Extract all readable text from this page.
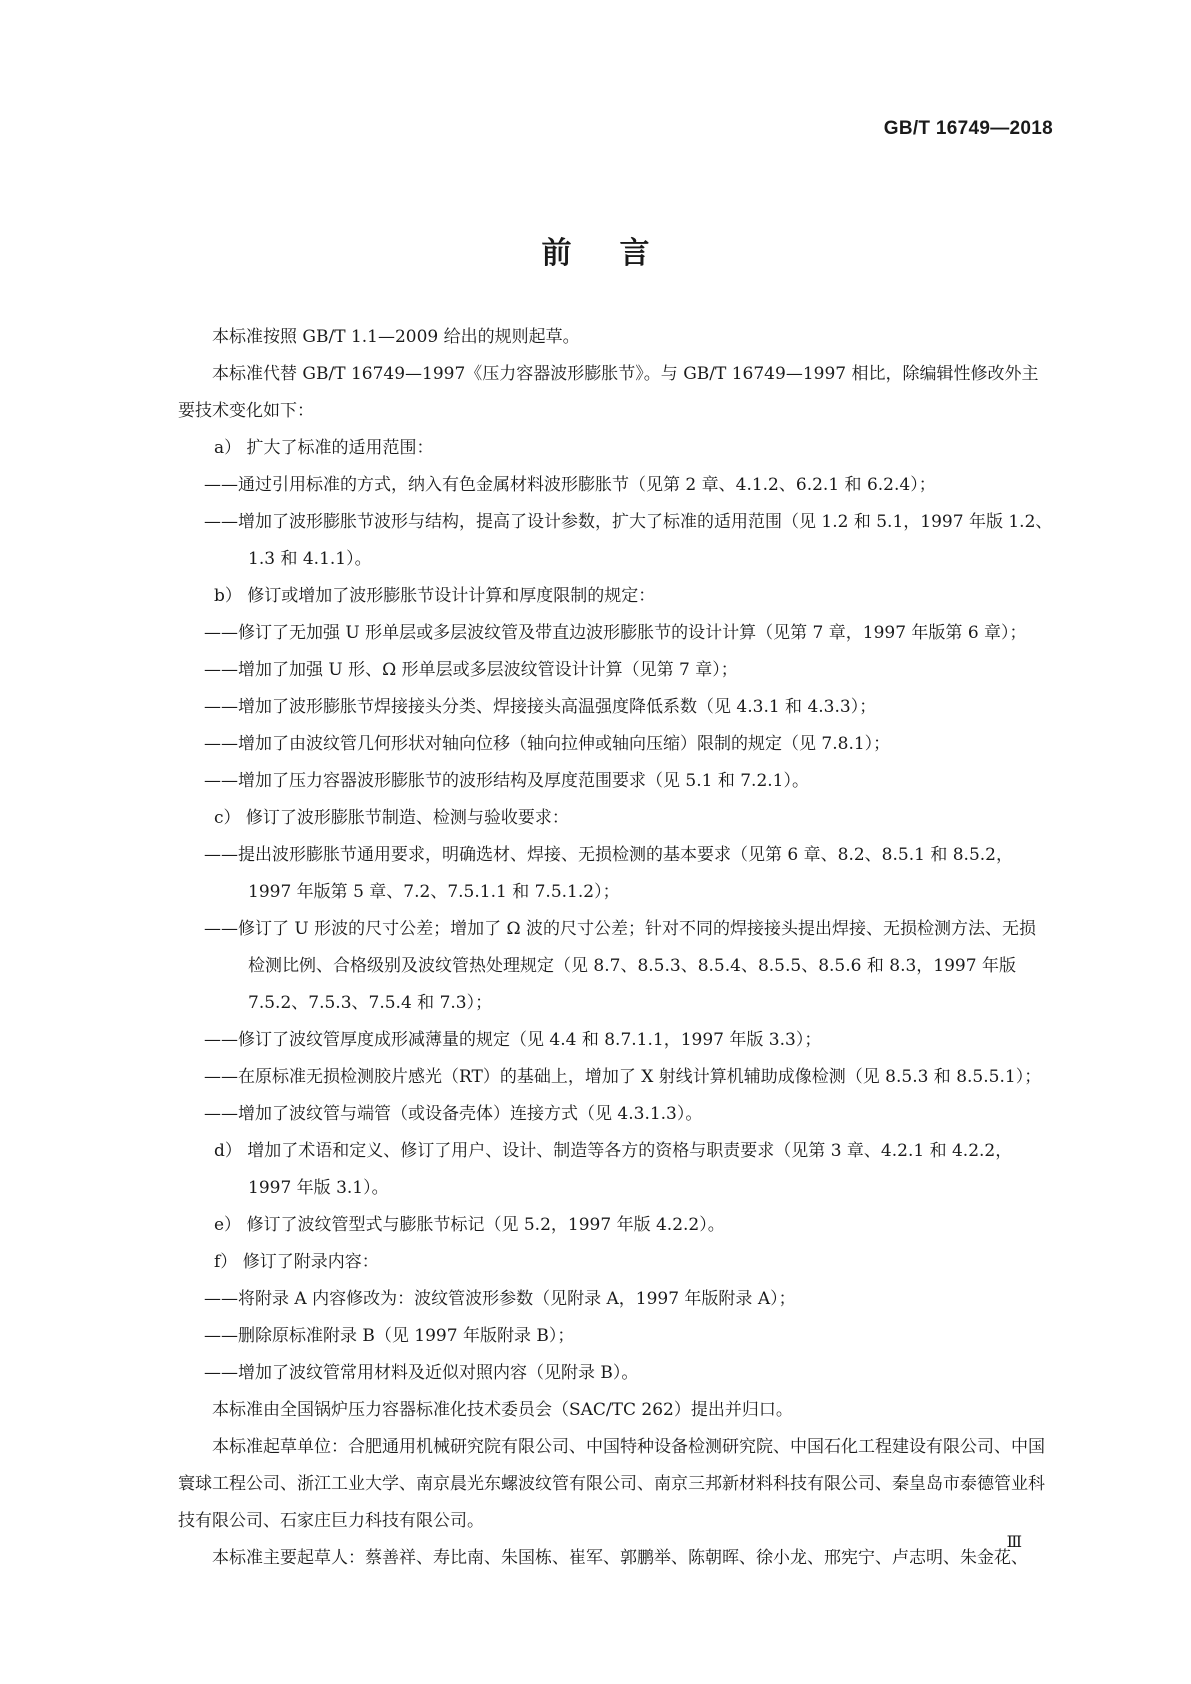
GB/T 16749—2018
前言

本标准按照 GB/T 1.1—2009 给出的规则起草。

本标准代替 GB/T 16749—1997《压力容器波形膨胀节》。与 GB/T 16749—1997 相比，除编辑性修改外主要技术变化如下：

a） 扩大了标准的适用范围：

——通过引用标准的方式，纳入有色金属材料波形膨胀节（见第 2 章、4.1.2、6.2.1 和 6.2.4）；

——增加了波形膨胀节波形与结构，提高了设计参数，扩大了标准的适用范围（见 1.2 和 5.1，1997 年版 1.2、1.3 和 4.1.1）。

b） 修订或增加了波形膨胀节设计计算和厚度限制的规定：

——修订了无加强 U 形单层或多层波纹管及带直边波形膨胀节的设计计算（见第 7 章，1997 年版第 6 章）；

——增加了加强 U 形、Ω 形单层或多层波纹管设计计算（见第 7 章）；

——增加了波形膨胀节焊接接头分类、焊接接头高温强度降低系数（见 4.3.1 和 4.3.3）；

——增加了由波纹管几何形状对轴向位移（轴向拉伸或轴向压缩）限制的规定（见 7.8.1）；

——增加了压力容器波形膨胀节的波形结构及厚度范围要求（见 5.1 和 7.2.1）。

c） 修订了波形膨胀节制造、检测与验收要求：

——提出波形膨胀节通用要求，明确选材、焊接、无损检测的基本要求（见第 6 章、8.2、8.5.1 和 8.5.2，1997 年版第 5 章、7.2、7.5.1.1 和 7.5.1.2）；

——修订了 U 形波的尺寸公差；增加了 Ω 波的尺寸公差；针对不同的焊接接头提出焊接、无损检测方法、无损检测比例、合格级别及波纹管热处理规定（见 8.7、8.5.3、8.5.4、8.5.5、8.5.6 和 8.3，1997 年版 7.5.2、7.5.3、7.5.4 和 7.3）；

——修订了波纹管厚度成形减薄量的规定（见 4.4 和 8.7.1.1，1997 年版 3.3）；

——在原标准无损检测胶片感光（RT）的基础上，增加了 X 射线计算机辅助成像检测（见 8.5.3 和 8.5.5.1）；

——增加了波纹管与端管（或设备壳体）连接方式（见 4.3.1.3）。

d） 增加了术语和定义、修订了用户、设计、制造等各方的资格与职责要求（见第 3 章、4.2.1 和 4.2.2，1997 年版 3.1）。

e） 修订了波纹管型式与膨胀节标记（见 5.2，1997 年版 4.2.2）。

f） 修订了附录内容：

——将附录 A 内容修改为：波纹管波形参数（见附录 A，1997 年版附录 A）；

——删除原标准附录 B（见 1997 年版附录 B）；

——增加了波纹管常用材料及近似对照内容（见附录 B）。

本标准由全国锅炉压力容器标准化技术委员会（SAC/TC 262）提出并归口。

本标准起草单位：合肥通用机械研究院有限公司、中国特种设备检测研究院、中国石化工程建设有限公司、中国寰球工程公司、浙江工业大学、南京晨光东螺波纹管有限公司、南京三邦新材料科技有限公司、秦皇岛市泰德管业科技有限公司、石家庄巨力科技有限公司。

本标准主要起草人：蔡善祥、寿比南、朱国栋、崔军、郭鹏举、陈朝晖、徐小龙、邢宪宁、卢志明、朱金花、

Ⅲ
